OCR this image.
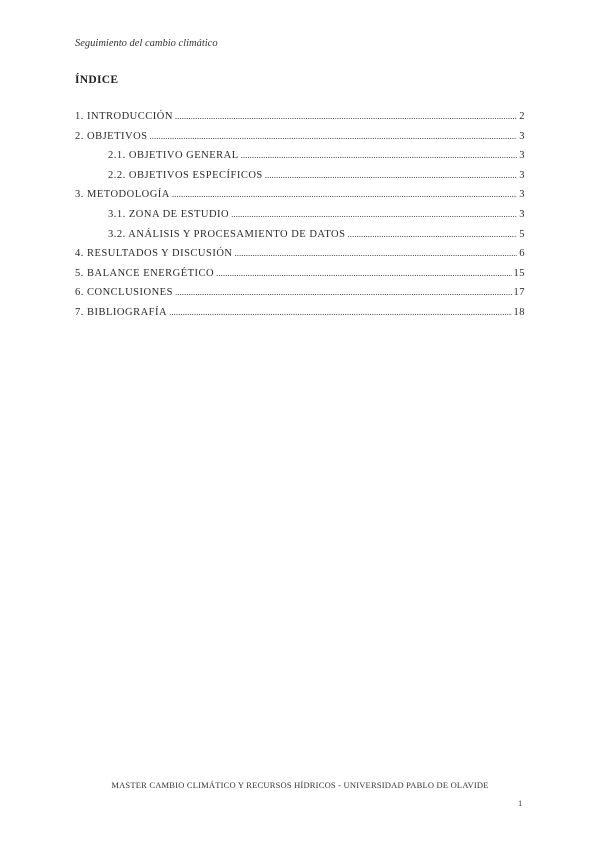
Seguimiento del cambio climático
ÍNDICE
1. INTRODUCCIÓN .....	2
2. OBJETIVOS .....	3
2.1. OBJETIVO GENERAL .....	3
2.2. OBJETIVOS ESPECÍFICOS .....	3
3. METODOLOGÍA .....	3
3.1. ZONA DE ESTUDIO .....	3
3.2. ANÁLISIS Y PROCESAMIENTO DE DATOS .....	5
4. RESULTADOS Y DISCUSIÓN .....	6
5. BALANCE ENERGÉTICO .....	15
6. CONCLUSIONES .....	17
7. BIBLIOGRAFÍA .....	18
MASTER CAMBIO CLIMÁTICO Y RECURSOS HÍDRICOS - UNIVERSIDAD PABLO DE OLAVIDE
1
